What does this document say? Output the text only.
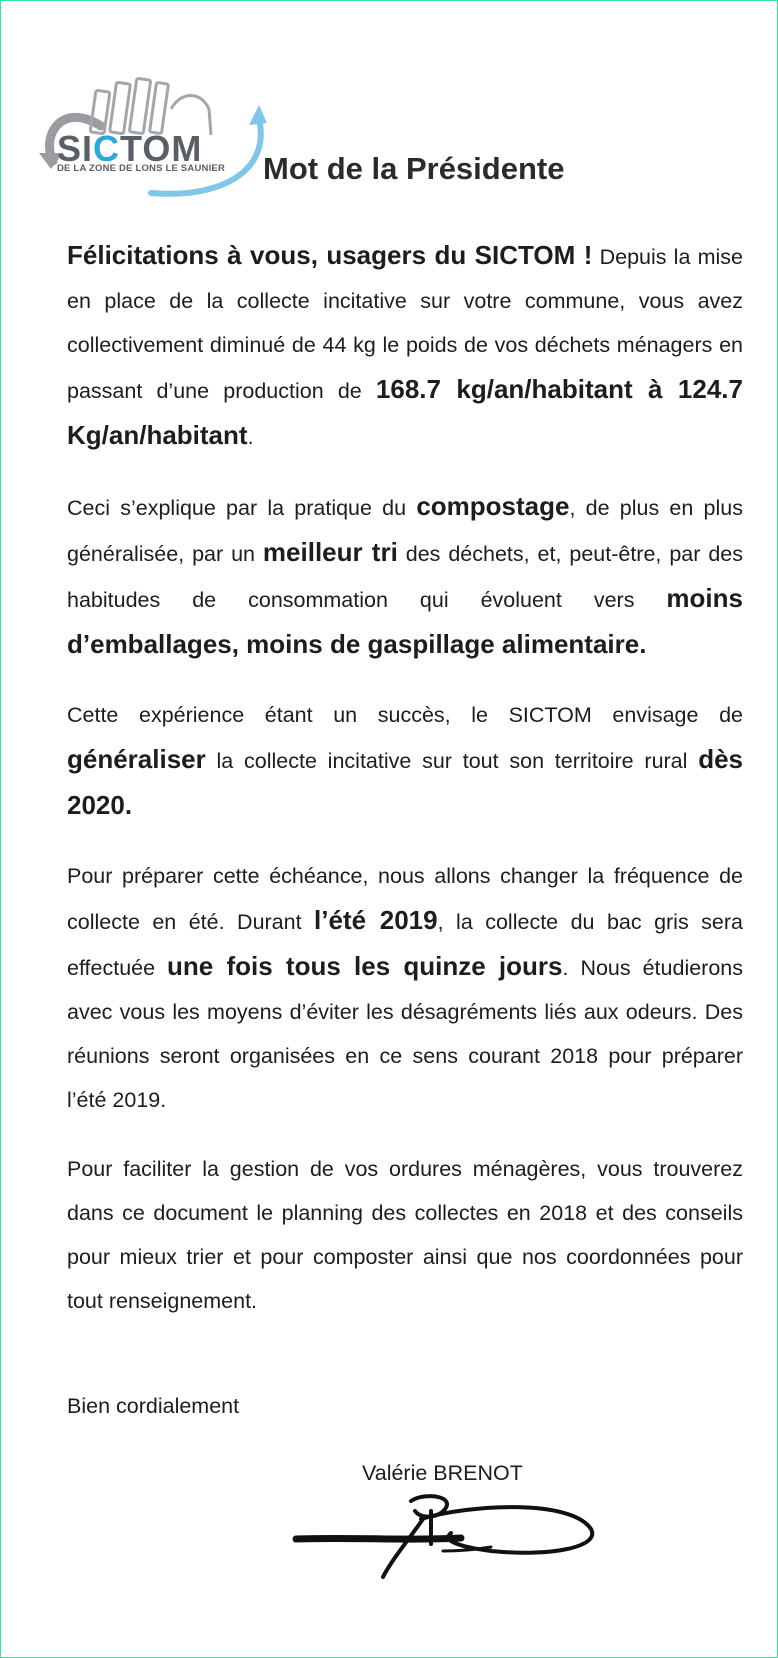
SICTOM
DE LA ZONE DE LONS LE SAUNIER Mot de la Présidente

Félicitations à vous, usagers du SICTOM ! Depuis la mise en place de la collecte incitative sur votre commune, vous avez collectivement diminué de 44 kg le poids de vos déchets ménagers en passant d’une production de 168.7 kg/an/habitant à 124.7 Kg/an/habitant.

Ceci s’explique par la pratique du compostage, de plus en plus généralisée, par un meilleur tri des déchets, et, peut-être, par des habitudes de consommation qui évoluent vers moins d’emballages, moins de gaspillage alimentaire.

Cette expérience étant un succès, le SICTOM envisage de généraliser la collecte incitative sur tout son territoire rural dès 2020.

Pour préparer cette échéance, nous allons changer la fréquence de collecte en été. Durant l’été 2019, la collecte du bac gris sera effectuée une fois tous les quinze jours. Nous étudierons avec vous les moyens d’éviter les désagréments liés aux odeurs. Des réunions seront organisées en ce sens courant 2018 pour préparer l’été 2019.

Pour faciliter la gestion de vos ordures ménagères, vous trouverez dans ce document le planning des collectes en 2018 et des conseils pour mieux trier et pour composter ainsi que nos coordonnées pour tout renseignement.

Bien cordialement
Valérie BRENOT
